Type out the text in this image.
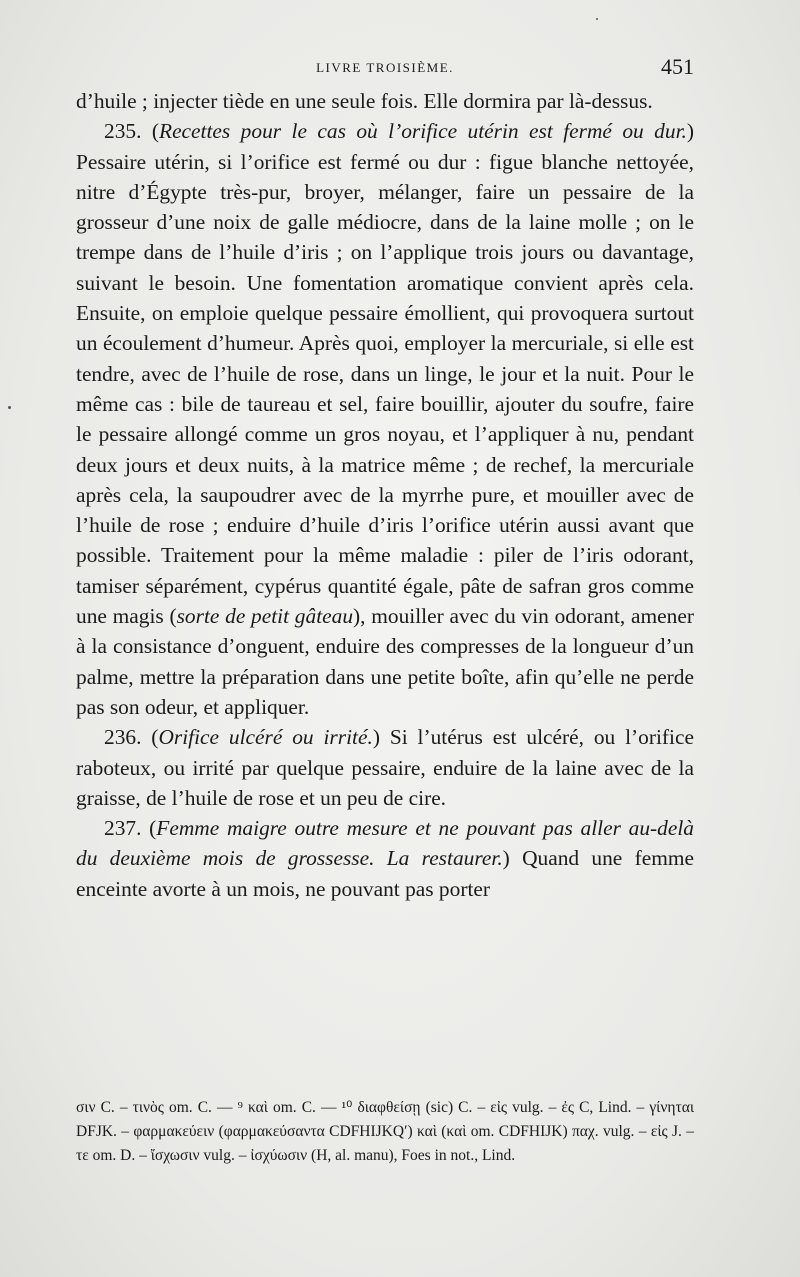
LIVRE TROISIÈME.	451

d’huile ; injecter tiède en une seule fois. Elle dormira par là-dessus.

235. (Recettes pour le cas où l’orifice utérin est fermé ou dur.) Pessaire utérin, si l’orifice est fermé ou dur : figue blanche nettoyée, nitre d’Égypte très-pur, broyer, mélanger, faire un pessaire de la grosseur d’une noix de galle médiocre, dans de la laine molle ; on le trempe dans de l’huile d’iris ; on l’applique trois jours ou davantage, suivant le besoin. Une fomentation aromatique convient après cela. Ensuite, on emploie quelque pessaire émollient, qui provoquera surtout un écoulement d’humeur. Après quoi, employer la mercuriale, si elle est tendre, avec de l’huile de rose, dans un linge, le jour et la nuit. Pour le même cas : bile de taureau et sel, faire bouillir, ajouter du soufre, faire le pessaire allongé comme un gros noyau, et l’appliquer à nu, pendant deux jours et deux nuits, à la matrice même ; de rechef, la mercuriale après cela, la saupoudrer avec de la myrrhe pure, et mouiller avec de l’huile de rose ; enduire d’huile d’iris l’orifice utérin aussi avant que possible. Traitement pour la même maladie : piler de l’iris odorant, tamiser séparément, cypérus quantité égale, pâte de safran gros comme une magis (sorte de petit gâteau), mouiller avec du vin odorant, amener à la consistance d’onguent, enduire des compresses de la longueur d’un palme, mettre la préparation dans une petite boîte, afin qu’elle ne perde pas son odeur, et appliquer.

236. (Orifice ulcéré ou irrité.) Si l’utérus est ulcéré, ou l’orifice raboteux, ou irrité par quelque pessaire, enduire de la laine avec de la graisse, de l’huile de rose et un peu de cire.

237. (Femme maigre outre mesure et ne pouvant pas aller au-delà du deuxième mois de grossesse. La restaurer.) Quand une femme enceinte avorte à un mois, ne pouvant pas porter

σιν C. – τινὸς om. C. — ⁹ καὶ om. C. — ¹⁰ διαφθείσῃ (sic) C. – εἰς vulg. – ἐς C, Lind. – γίνηται DFJK. – φαρμακεύειν (φαρμακεύσαντα CDFHIJKQ′) καὶ (καὶ om. CDFHIJK) παχ. vulg. – εἰς J. – τε om. D. – ἴσχωσιν vulg. – ἰσχύωσιν (H, al. manu), Foes in not., Lind.
